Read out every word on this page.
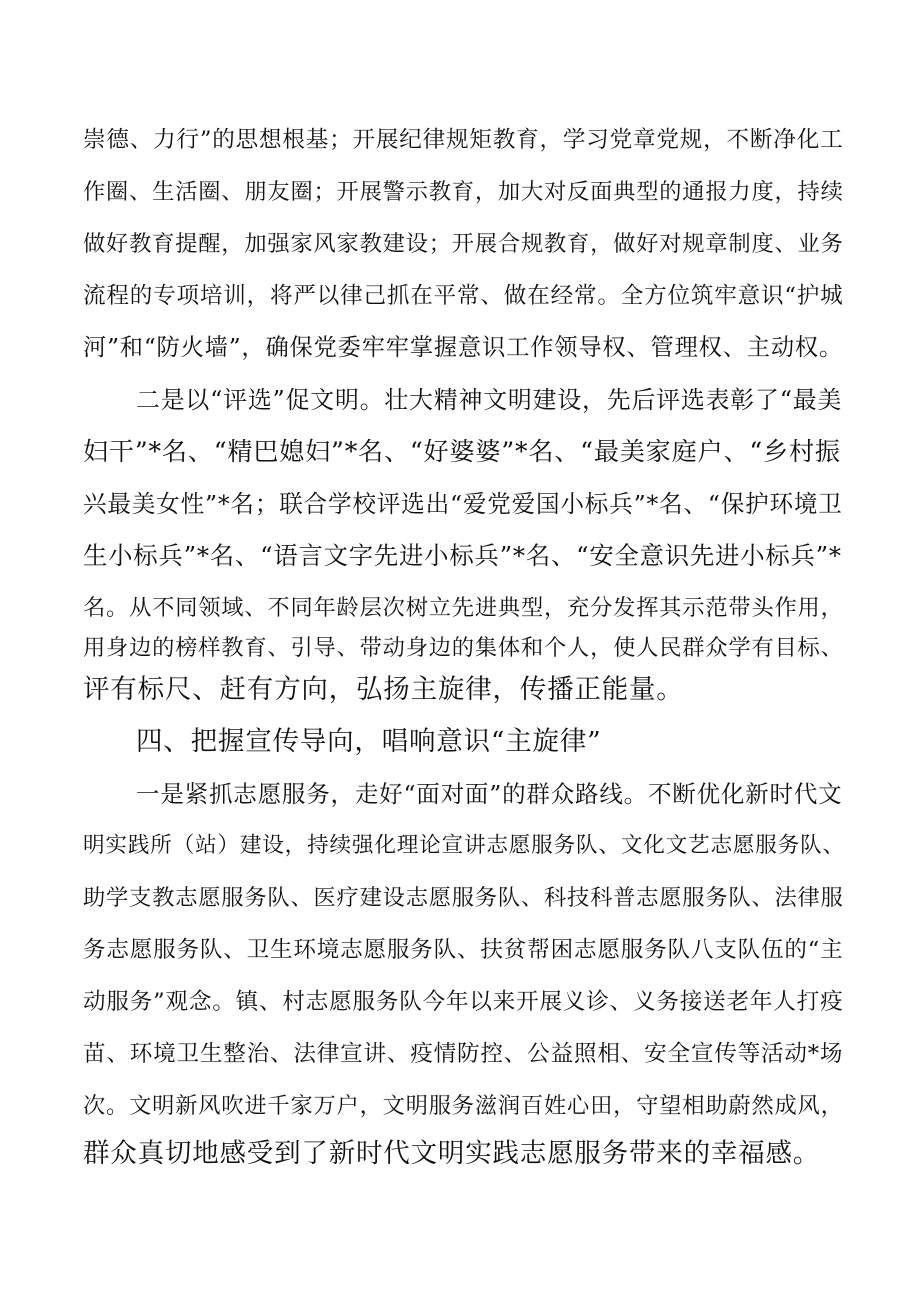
崇德、力行”的思想根基；开展纪律规矩教育，学习党章党规，不断净化工
作圈、生活圈、朋友圈；开展警示教育，加大对反面典型的通报力度，持续
做好教育提醒，加强家风家教建设；开展合规教育，做好对规章制度、业务
流程的专项培训，将严以律己抓在平常、做在经常。全方位筑牢意识“护城
河”和“防火墙”，确保党委牢牢掌握意识工作领导权、管理权、主动权。
二是以“评选”促文明。壮大精神文明建设，先后评选表彰了“最美
妇干”*名、“精巴媳妇”*名、“好婆婆”*名、“最美家庭户、“乡村振
兴最美女性”*名；联合学校评选出“爱党爱国小标兵”*名、“保护环境卫
生小标兵”*名、“语言文字先进小标兵”*名、“安全意识先进小标兵”*
名。从不同领域、不同年龄层次树立先进典型，充分发挥其示范带头作用，
用身边的榜样教育、引导、带动身边的集体和个人，使人民群众学有目标、
评有标尺、赶有方向，弘扬主旋律，传播正能量。
四、把握宣传导向，唱响意识“主旋律”
一是紧抓志愿服务，走好“面对面”的群众路线。不断优化新时代文
明实践所（站）建设，持续强化理论宣讲志愿服务队、文化文艺志愿服务队、
助学支教志愿服务队、医疗建设志愿服务队、科技科普志愿服务队、法律服
务志愿服务队、卫生环境志愿服务队、扶贫帮困志愿服务队八支队伍的“主
动服务”观念。镇、村志愿服务队今年以来开展义诊、义务接送老年人打疫
苗、环境卫生整治、法律宣讲、疫情防控、公益照相、安全宣传等活动*场
次。文明新风吹进千家万户，文明服务滋润百姓心田，守望相助蔚然成风，
群众真切地感受到了新时代文明实践志愿服务带来的幸福感。
